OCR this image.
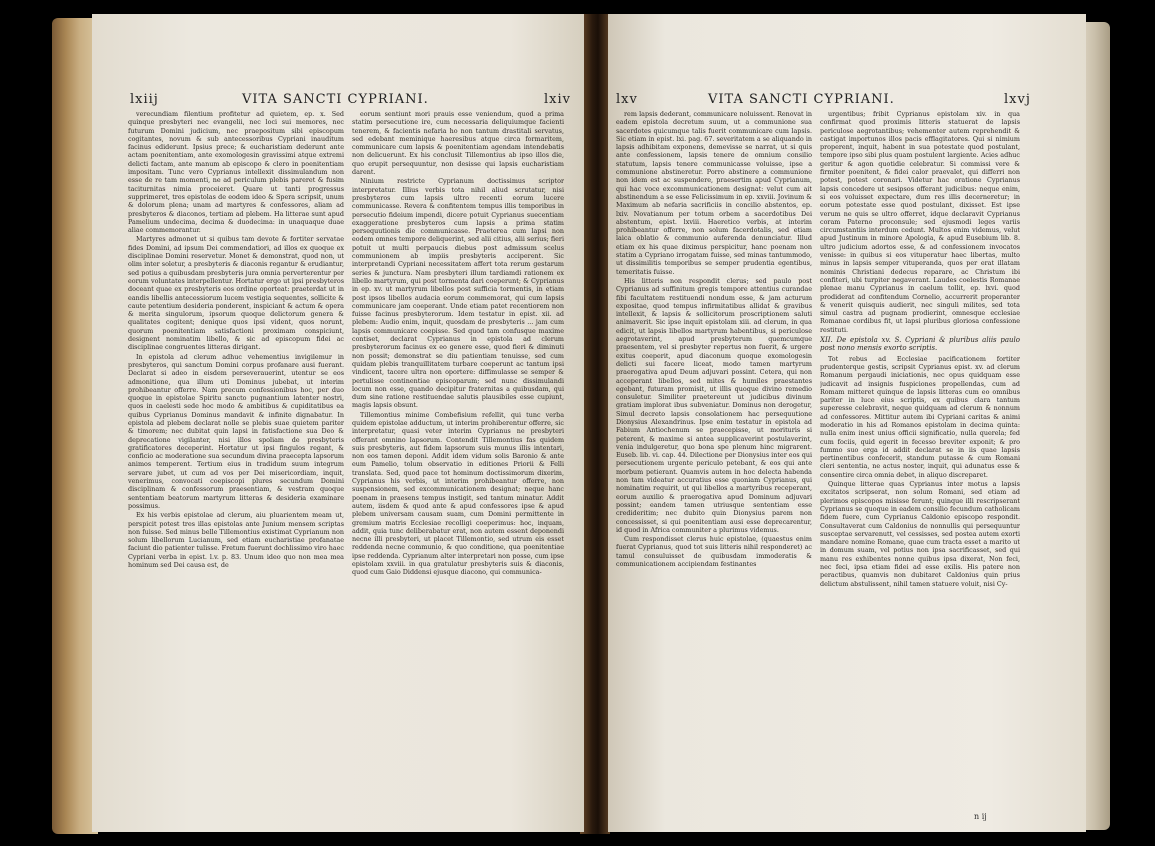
lxiij	VITA SANCTI CYPRIANI.	lxiv

verecundiam filentium profitetur ad quietem, ep. x. Sed quinque presbyteri nec evangelii, nec loci sui memores, nec futurum Domini judicium, nec praepositum sibi episcopum cogitantes, novum & sub antecessoribus Cypriani inauditum facinus ediderunt. Ipsius prece; & eucharistiam dederunt ante actam poenitentiam, ante exomologesin gravissimi atque extremi delicti factam, ante manum ab episcopo & clero in poenitentiam impositam. Tunc vero Cyprianus intellexit dissimulandum non esse de re tam momenti, ne ad periculum plebis pareret & fusim taciturnitas nimia proceieret. Quare ut tanti progressus supprimeret, tres epistolas de eodem ideo & Spera scripsit, unum & dolorum plena; unam ad martyres & confessores, aliam ad presbyteros & diaconos, tertiam ad plebem. Ha litterae sunt apud Pamelium undecima, decima & duodecima: in unaquaque duae aliae commemorantur.

Martyres admonet ut si quibus tam devote & fortiter servatae fides Domini, ad ipsum Dei commendatiori, ad illos ex quoque ex disciplinae Domini reservetur. Monet & demonstrat, quod non, ut olim inter soletur, a presbyteris & diaconis regantur & erudiantur, sed potius a quibusdam presbyteris jura omnia perverterentur per eorum voluntates interpellentur. Hortatur ergo ut ipsi presbyteros doceant quae ex presbyteris eos ordine oporteat: praeterdat ut in eandis libellis antecessiorum lucem vestigia sequentes, sollicite & caute petentium desideria ponderent, inspiciant & actum & opera & merita singulorum, ipsorum quoque delictorum genera & qualitates cogitent; denique quos ipsi vident, quos norunt, quorum poenitentiam satisfactioni proximam conspiciunt, designent nominatim libello, & sic ad episcopum fidei ac disciplinae congruentes litteras dirigant.

In epistola ad clerum adhuc vehementius invigilemur in presbyteros, qui sanctum Domini corpus profanare ausi fuerant. Declarat si adeo in eisdem perseverauerint, utentur se eos admonitione, qua illum uti Dominus jubebat, ut interim prohibeantur offerre. Nam precum confessionibus hoc, per duo quoque in epistolae Spiritu sancto pugnantium latenter nostri, quos in caelesti sede hoc modo & ambitibus & cupiditatibus ea quibus Cyprianus Dominus mandavit & infinite dignabatur. In epistola ad plebem declarat nolle se plebis suae quietem pariter & timorem; nec dubitat quin lapsi in fatisfactione sua Deo & deprecatione vigilanter, nisi illos spoliam de presbyteris gratificatores deceperint. Hortatur ut ipsi fingulos regant, & conficio ac moderatione sua secundum divina praecepta lapsorum animos temperent. Tertium eius in tradidum suum integrum servare jubet, ut cum ad vos per Dei misericordiam, inquit, venerimus, convocati coepiscopi plures secundum Domini disciplinam & confessorum praesentiam, & vestram quoque sententiam beatorum martyrum litteras & desideria examinare possimus.

Ex his verbis epistolae ad clerum, aiu pluarientem meam ut, perspicit potest tres illas epistolas ante Junium mensem scriptas non fuisse. Sed minus belle Tillemontius existimat Cyprianum non solum libellorum Lucianum, sed etiam eucharistiae profanatae faciunt dio patienter tulisse. Fretum fuerunt dochlissimo viro haec Cypriani verba in epist. l.v. p. 83. Unum ideo quo non mea mea hominum sed Dei causa est, de

eorum sentiunt mori prauis esse veniendum, quod a prima statim persecutione ire, cum necessaria deliquiumque facienti tenerem, & facientis nefaria ho non tantum drastitali servatus, sed edebant meminique haeresibus atque circa formaritem, communicare cum lapsis & poenitentiam agendam intendebatis non delicuerunt. Ex his conclusit Tillemontius ab ipso illos die, quo erupit persequuntur, non desisse qui lapsis eucharistiam darent.

Ninium restricte Cyprianum doctissimus scriptor interpretatur. Illius verbis tota nihil aliud scrutatur, nisi presbyteros cum lapsis ultro recenti eorum lucere communicasse. Revera & confitentem tempus illis temporibus in persecutio fideium impendi, dicere potuit Cyprianus suecentiam exaggeratione presbyteros cum lapsis a prima statim persequutionis die communicasse. Praeterea cum lapsi non eodem omnes tempore deliquerint, sed alii citius, alii serius; fieri potuit ut multi perpaucis diebus post admissum scelus communionem ab impiis presbyteris acciperent. Sic interpretandi Cypriani necessitatem affert tota rerum gestarum series & junctura. Nam presbyteri illum tardiamdi rationem ex libello martyrum, qui post tormenta dari coeperunt; & Cyprianus in ep. xv. ut martyrum libellos post sufficia tormentis, in etiam post ipsos libellos audacia eorum commemorat, qui cum lapsis communicare jam coeperant. Unde etiam patet recentiorem non fuisse facinus presbyterorum. Idem testatur in epist. xii. ad plebem: Audio enim, inquit, quosdam de presbyteris ... jam cum lapsis communicare coepisse. Sed quod tam confusque maxime contiset, declarat Cyprianus in epistola ad clerum presbyterorum facinus ex eo genere esse, quod fieri & diminuti non possit; demonstrat se diu patientiam tenuisse, sed cum quidam plebis tranquillitatem turbare coeperunt ac tantum ipsi vindicent, tacere ultra non oportere: diffimulasse se semper & pertulisse continentiae episcoparum; sed nunc dissimulandi locum non esse, quando decipitur fraternitas a quibusdam, qui dum sine ratione restituendae salutis plausibiles esse cupiunt, magis lapsis obsunt.

Tillemontius minime Combefisium refellit, qui tunc verba quidem epistolae adductum, ut interim prohiberentur offerre, sic interpretatur, quasi veter interim Cyprianus ne presbyteri offerant omnino lapsorum. Contendit Tillemontius fas quidem suis presbyteris, aut fidem lapsorum suis munus illis intentari, non eos tamen deponi. Addit idem vidum solis Baronio & ante eum Pamelio, tolum observatio in editiones Priorii & Felli translata. Sed, quod pace tot hominum doctissimorum dixerim, Cyprianus his verbis, ut interim prohibeantur offerre, non suspensionem, sed excommunicationem designat; neque hanc poenam in praesens tempus instigit, sed tantum minatur. Addit autem, iisdem & quod ante & apud confessores ipse & apud plebem universam causam suam, cum Domini permittente in gremium matris Ecclesiae recolligi coeperimus: hoc, inquam, addit, quia tunc deliberabatur erat, non autem essent deponendi necne illi presbyteri, ut placet Tillemontio, sed utrum eis esset reddenda necne communio, & quo conditione, qua poenitentiae ipse reddenda. Cyprianum alter interpretari non posse, cum ipse epistolam xxviii. in qua gratulatur presbyteris suis & diaconis, quod cum Gaio Diddensi ejusque diacono, qui communica-

lxv	VITA SANCTI CYPRIANI.	lxvj

rem lapsis dederant, communicare noluissent. Renovat in eadem epistola decretum suum, ut a communione sua sacerdotes quicumque talis fuerit communicare cum lapsis. Sic etiam in epist. lxi. pag. 67. severitatem a se aliquando in lapsis adhibitam exponens, demevisse se narrat, ut si quis ante confessionem, lapsis tenere de omnium consilio statutum, lapsis tenere communicasse voluisse, ipse a communione abstineretur. Porro abstinere a communione non idem est ac suspendere, praesertim apud Cyprianum, qui hac voce excommunicationem designat: velut cum ait abstinendum a se esse Felicissimum in ep. xxviii. Jovinum & Maximum ab nefaria sacrificiis in concilio abstentos, ep. lxiv. Novatianum per totum orbem a sacerdotibus Dei abstentum, epist. lxviii. Haeretico verbis, at interim prohibeantur offerre, non solum facerdotalis, sed etiam laica oblatio & communio auferenda denunciatur. Illud etiam ex his quae diximus perspicitur, hanc poenam non statim a Cypriano irrogatam fuisse, sed minas tantummodo, ut dissimilitis temporibus se semper prudentia egentibus, temeritatis fuisse.

His litteris non respondit clerus; sed paulo post Cyprianus ad suffinitum gregis tempore attentius curandae fibi facultatem restituendi nondum esse, & jam acturum expositae, quod tempus infirmitatibus allidat & gravibus intellexit, & lapsis & sollicitorum proscriptionem saluti animaverit. Sic ipse inquit epistolam xiii. ad clerum, in qua edicit, ut lapsis libellos martyrum habentibus, si periculose aegrotaverint, apud presbyterum quemcumque praesentem, vel si presbyter repertus non fuerit, & urgere exitus coeperit, apud diaconum quoque exomologesin delicti sui facere liceat, modo tamen martyrum praerogativa apud Deum adjuvari possint. Cetera, qui non acceperant libellos, sed mites & humiles praestantes egebant, futuram promisit, ut illis quoque divino remedio consuletur. Similiter praetereunt ut judicibus divinum gratiam implorat ibus subveniatur. Dominus non derogetur, Simul decreto lapsis consolationem hac persequutione Dionysius Alexandrinus. Ipse enim testatur in epistola ad Fabium Antiochenum se praecepisse, ut morituris si peterent, & maxime si antea supplicaverint postulaverint, venia indulgeretur, quo bona spe plenum hinc migrarent. Euseb. lib. vi. cap. 44. Dilectione per Dionysius inter eos qui persecutionem urgente periculo petebant, & eos qui ante morbum petierant. Quamvis autem in hoc delecta habenda non tam videatur accuratius esse quoniam Cyprianus, qui nominatim requirit, ut qui libellos a martyribus receperant, eorum auxilio & praerogativa apud Dominum adjuvari possint; eandem tamen utriusque sententiam esse credideritim; nec dubito quin Dionysius parem non concessisset, si qui poenitentiam ausi esse deprecarentur, id quod in Africa communiter a plurimus videmus.

Cum respondisset clerus huic epistolae, (quaestus enim fuerat Cyprianus, quod tot suis litteris nihil responderet) ac tamul consuluisset de quibusdam immoderatis & communicationem accipiendam festinantes

urgentibus; fribit Cyprianus epistolam xiv. in qua confirmat quod proximis litteris statuerat de lapsis periculose aegrotantibus; vehementer autem reprehendit & castigat importunos illos pacis efflagitatores. Qui si nimium properent, inquit, habent in sua potestate quod postulant, tempore ipso sibi plus quam postulent largiente. Acies adhuc geritur & agon quotidie celebratur. Si commissi vere & firmiter poenitent, & fidei calor praevalet, qui differri non potest, potest coronari. Videtur hac oratione Cyprianus lapsis concedere ut sesipsos offerant judicibus: neque enim, si eos voluisset expectare, dum res illis decerneretur; in eorum potestate esse quod postulant, dixisset. Est ipse verum ne quis se ultro offerret, idque declaravit Cyprianus coram Paterno proconsule; sed ejusmodi leges variis circumstantiis interdum cedunt. Multos enim videmus, velut apud Justinum in minore Apologia, & apud Eusebium lib. 8. ultro judicium adortos esse, & ad confessionem invocatos venisse: in quibus si eos vituperatur haec libertas, multo minus in lapsis semper vituperanda, quos per erat illatam nominis Christiani dedecus reparare, ac Christum ibi confiteri, ubi turpiter negaverant. Laudes coelestis Romanae plenae manu Cyprianus in caelum tollit, ep. lxvi. quod prodiderat ad confitendum Cornelio, accurrerit properanter & venerit quisquis audierit, nec singuli milites, sed tota simul castra ad pugnam prodierint, omnesque ecclesiae Romanae cordibus fit, ut lapsi pluribus gloriosa confessione restituti.

XII. De epistola xv. S. Cypriani & pluribus aliis paulo post nono mensis exorto scriptis.

Tot rebus ad Ecclesiae pacificationem fortiter prudenterque gestis, scripsit Cyprianus epist. xv. ad clerum Romanum pergaudi iniciationis, nec opus quidquam esse judicavit ad insignis fuspiciones propellendas, cum ad Romam mitteret quinque de lapsis litteras cum eo omnibus pariter in luce eius scriptis, ex quibus clara tantum superesse celebravit, neque quidquam ad clerum & nonnum ad confessores. Mittitur autem ibi Cypriani caritas & animi moderatio in his ad Romanos epistolam in decima quinta: nulla enim inest unius officii significatio, nulla querela; fed cum fociis, quid egerit in fecesso breviter exponit; & pro fummo suo erga id addit declarat se in iis quae lapsis pertinentibus confecerit, standum putasse & cum Romani cleri sententia, ne actus noster, inquit, qui adunatus esse & consentire circa omnia debet, in aliquo discreparet.

Quinque litterae quas Cyprianus inter motus a lapsis excitatos scripserat, non solum Romani, sed etiam ad plerimos episcopos misisse ferunt; quinque illi rescripserant Cyprianus se quoque in eadem consilio fecundum catholicam fidem fuere, cum Cyprianus Caldonio episcopo respondit. Consultaverat cum Caldonius de nonnullis qui persequuntur susceptae servarenutt, vel cessisses, sed postea autem exorti mandare nomine Romane, quae cum tracta esset a marito ut in domum suam, vel potius non ipsa sacrificasset, sed qui manu res exhibentes nonne quibus ipsa dixerat, Non feci, nec feci, ipsa etiam fidei ad esse exilis. His patere non peractibus, quamvis non dubitaret Caldonius quin prius delictum abstulissent, nihil tamen statuere voluit, nisi Cy-

n ij
